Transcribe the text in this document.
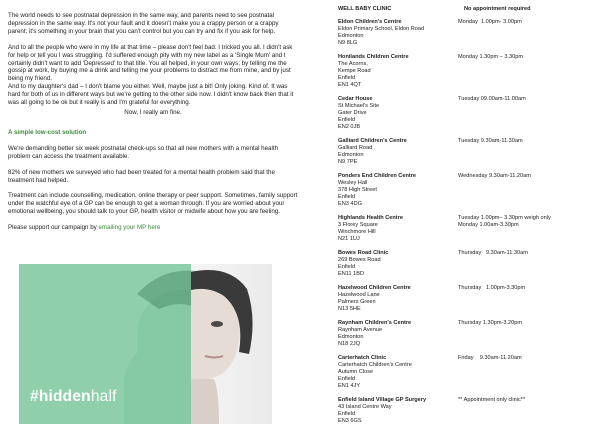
The world needs to see postnatal depression in the same way, and parents need to see postnatal depression in the same way. It's not your fault and it doesn't make you a crappy person or a crappy parent; it's something in your brain that you can't control but you can try and fix if you ask for help.

And to all the people who were in my life at that time – please don't feel bad. I tricked you all. I didn't ask for help or tell you I was struggling. I'd suffered enough pity with my new label as a 'Single Mum' and I certainly didn't want to add 'Depressed' to that title. You all helped, in your own ways; by telling me the gossip at work, by buying me a drink and telling me your problems to distract me from mine, and by just being my friend.

And to my daughter's dad – I don't blame you either. Well, maybe just a bit! Only joking. Kind of. It was hard for both of us in different ways but we're getting to the other side now. I didn't know back then that it was all going to be ok but it really is and I'm grateful for everything.

Now, I really am fine.

A simple low-cost solution

We're demanding better six week postnatal check-ups so that all new mothers with a mental health problem can access the treatment available.

82% of new mothers we surveyed who had been treated for a mental health problem said that the treatment had helped.

Treatment can include counselling, medication, online therapy or peer support. Sometimes, family support under the watchful eye of a GP can be enough to get a woman through. If you are worried about your emotional wellbeing, you should talk to your GP, health visitor or midwife about how you are feeling.

Please support our campaign by emailing your MP here

#hiddenhalf
WELL BABY CLINIC	No appointment required
Eldon Children's Centre
Eldon Primary School, Eldon Road
Edmonton
N9 8LG
Monday  1.00pm- 3.00pm
Honilands Children Centre
The Acorns,
Kempe Road
Enfield
EN1 4QT
Monday 1.30pm – 3.30pm
Cedar House
St Michael's Site
Gater Drive
Enfield
EN2 0JB
Tuesday 09.00am-11.00am
Galliard Children's Centre
Galliard Road
Edmonton
N9 7PE
Tuesday 9.30am-11.30am
Ponders End Children Centre
Wesley Hall
378 High Street
Enfield
EN3 4DG
Wednesday 9.30am-11.20am
Highlands Health Centre
3 Florey Square
Winchmore Hill
N21 1UJ
Tuesday 1.00pm– 3.30pm weigh only
Monday 1.00am-3.30pm
Bowes Road Clinic
269 Bowes Road
Enfield
EN11 1BD
Thursday   9.30am-11.30am
Hazelwood Children Centre
Hazelwood Lane
Palmers Green
N13 5HE
Thursday   1.00pm-3.30pm
Raynham Children's Centre
Raynham Avenue
Edmonton
N18 2JQ
Thursday 1.30pm-3.20pm
Carterhatch Clinic
Carterhatch Children's Centre
Autumn Close
Enfield
EN1 4JY
Friday    9.30am-11.20am
Enfield Island Village GP Surgery
43 Island Centre Way
Enfield
EN3 6GS
** Appointment only clinic**
